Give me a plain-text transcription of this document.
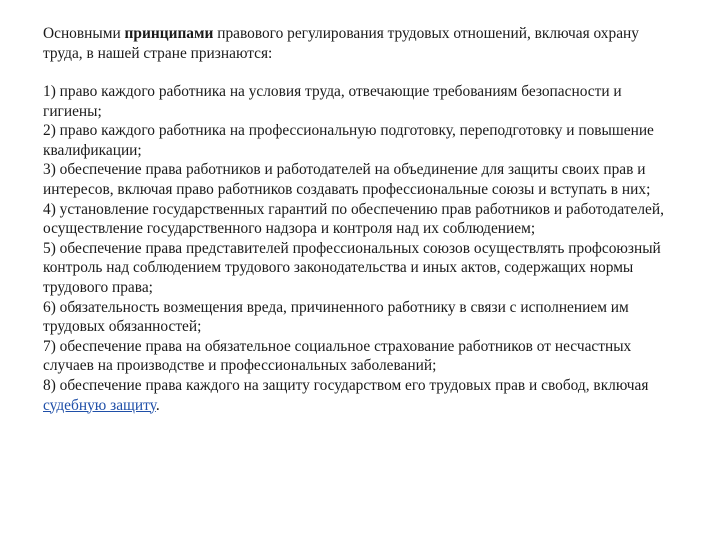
Основными принципами правового регулирования трудовых отношений, включая охрану труда, в нашей стране признаются:

1) право каждого работника на условия труда, отвечающие требованиям безопасности и гигиены;
2) право каждого работника на профессиональную подготовку, переподготовку и повышение квалификации;
3) обеспечение права работников и работодателей на объединение для защиты своих прав и интересов, включая право работников создавать профессиональные союзы и вступать в них;
4) установление государственных гарантий по обеспечению прав работников и работодателей, осуществление государственного надзора и контроля над их соблюдением;
5) обеспечение права представителей профессиональных союзов осуществлять профсоюзный контроль над соблюдением трудового законодательства и иных актов, содержащих нормы трудового права;
6) обязательность возмещения вреда, причиненного работнику в связи с исполнением им трудовых обязанностей;
7) обеспечение права на обязательное социальное страхование работников от несчастных случаев на производстве и профессиональных заболеваний;
8) обеспечение права каждого на защиту государством его трудовых прав и свобод, включая судебную защиту.
